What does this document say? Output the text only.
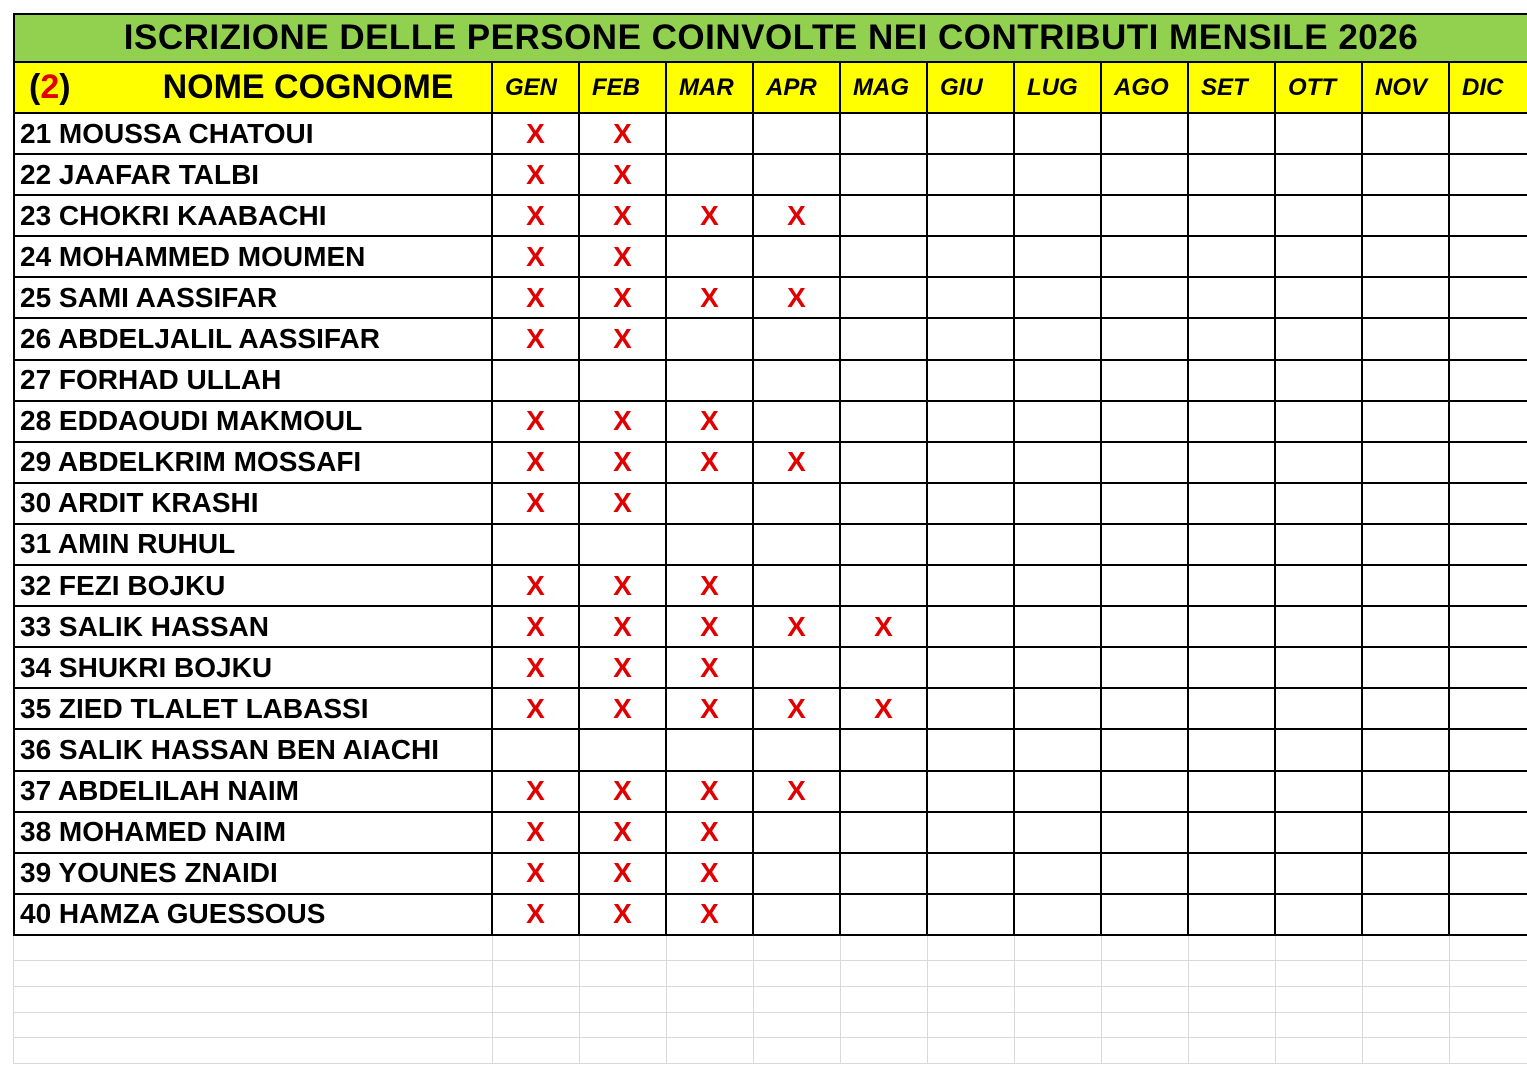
ISCRIZIONE DELLE PERSONE COINVOLTE NEI CONTRIBUTI MENSILE 2026
( 2 )	NOME COGNOME	GEN	FEB	MAR	APR	MAG	GIU	LUG	AGO	SET	OTT	NOV	DIC
21 MOUSSA CHATOUI	X X
22 JAAFAR TALBI	X X
23 CHOKRI KAABACHI	X X X X
24 MOHAMMED MOUMEN	X X
25 SAMI AASSIFAR	X X X X
26 ABDELJALIL AASSIFAR	X X
27 FORHAD ULLAH
28 EDDAOUDI MAKMOUL	X X X
29 ABDELKRIM MOSSAFI	X X X X
30 ARDIT KRASHI	X X
31 AMIN RUHUL
32 FEZI BOJKU	X X X
33 SALIK HASSAN	X X X X X
34 SHUKRI BOJKU	X X X
35 ZIED TLALET LABASSI	X X X X X
36 SALIK HASSAN BEN AIACHI
37 ABDELILAH NAIM	X X X X
38 MOHAMED NAIM	X X X
39 YOUNES ZNAIDI	X X X
40 HAMZA GUESSOUS	X X X
